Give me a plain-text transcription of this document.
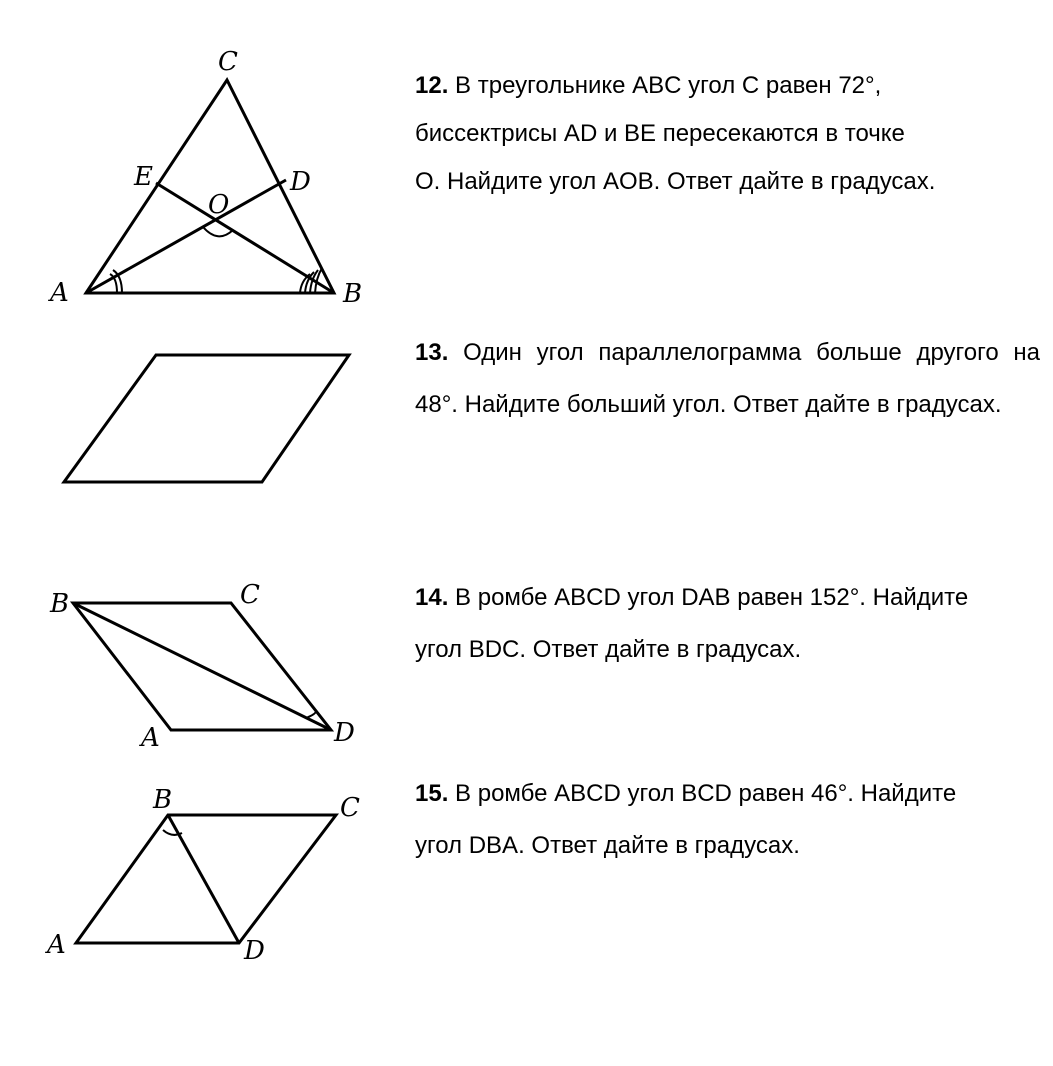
C
E	D
O
A	B
B	C
A	D
B	C
A	D
12. В треугольнике ABC угол С равен 72°,
биссектрисы AD и BE пересекаются в точке
O. Найдите угол AOB. Ответ дайте в градусах.

13. Один угол параллелограмма больше другого на 48°. Найдите больший угол. Ответ дайте в градусах.

14. В ромбе ABCD угол DAB равен 152°. Найдите
угол BDC. Ответ дайте в градусах.
15. В ромбе ABCD угол BCD равен 46°. Найдите
угол DBA. Ответ дайте в градусах.
